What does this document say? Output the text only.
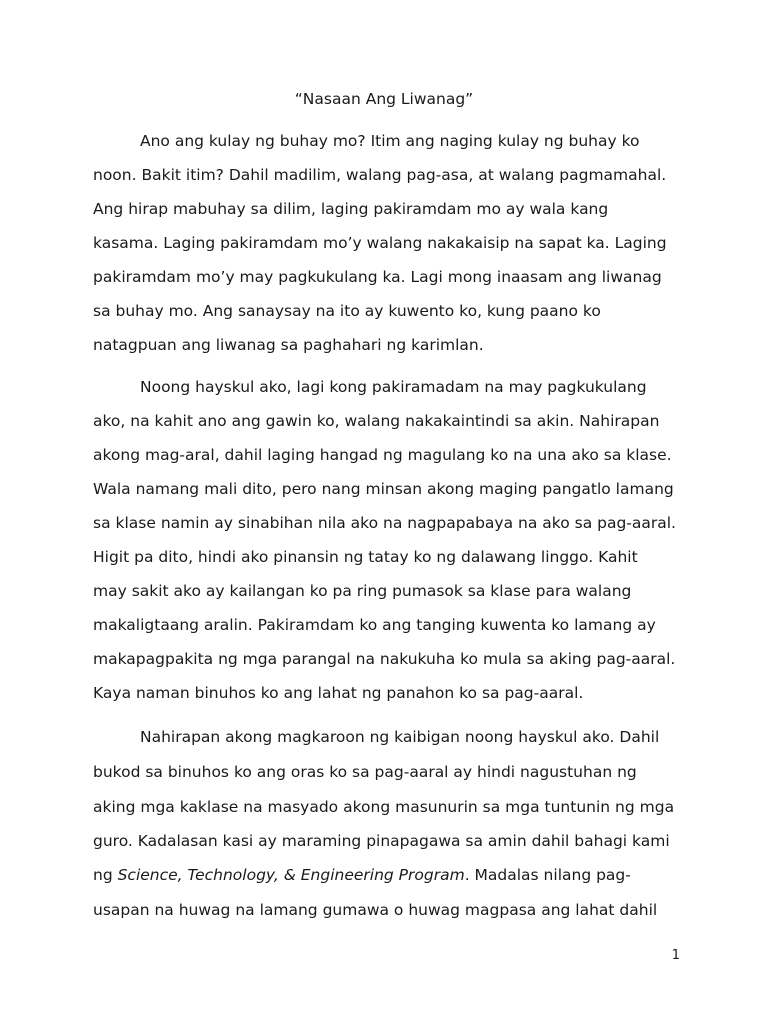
“Nasaan Ang Liwanag”
Ano ang kulay ng buhay mo? Itim ang naging kulay ng buhay ko
noon. Bakit itim? Dahil madilim, walang pag-asa, at walang pagmamahal.
Ang hirap mabuhay sa dilim, laging pakiramdam mo ay wala kang
kasama. Laging pakiramdam mo’y walang nakakaisip na sapat ka. Laging
pakiramdam mo’y may pagkukulang ka. Lagi mong inaasam ang liwanag
sa buhay mo. Ang sanaysay na ito ay kuwento ko, kung paano ko
natagpuan ang liwanag sa paghahari ng karimlan.
Noong hayskul ako, lagi kong pakiramadam na may pagkukulang
ako, na kahit ano ang gawin ko, walang nakakaintindi sa akin. Nahirapan
akong mag-aral, dahil laging hangad ng magulang ko na una ako sa klase.
Wala namang mali dito, pero nang minsan akong maging pangatlo lamang
sa klase namin ay sinabihan nila ako na nagpapabaya na ako sa pag-aaral.
Higit pa dito, hindi ako pinansin ng tatay ko ng dalawang linggo. Kahit
may sakit ako ay kailangan ko pa ring pumasok sa klase para walang
makaligtaang aralin. Pakiramdam ko ang tanging kuwenta ko lamang ay
makapagpakita ng mga parangal na nakukuha ko mula sa aking pag-aaral.
Kaya naman binuhos ko ang lahat ng panahon ko sa pag-aaral.
Nahirapan akong magkaroon ng kaibigan noong hayskul ako. Dahil
bukod sa binuhos ko ang oras ko sa pag-aaral ay hindi nagustuhan ng
aking mga kaklase na masyado akong masunurin sa mga tuntunin ng mga
guro. Kadalasan kasi ay maraming pinapagawa sa amin dahil bahagi kami
ng Science, Technology, & Engineering Program. Madalas nilang pag-
usapan na huwag na lamang gumawa o huwag magpasa ang lahat dahil
1
